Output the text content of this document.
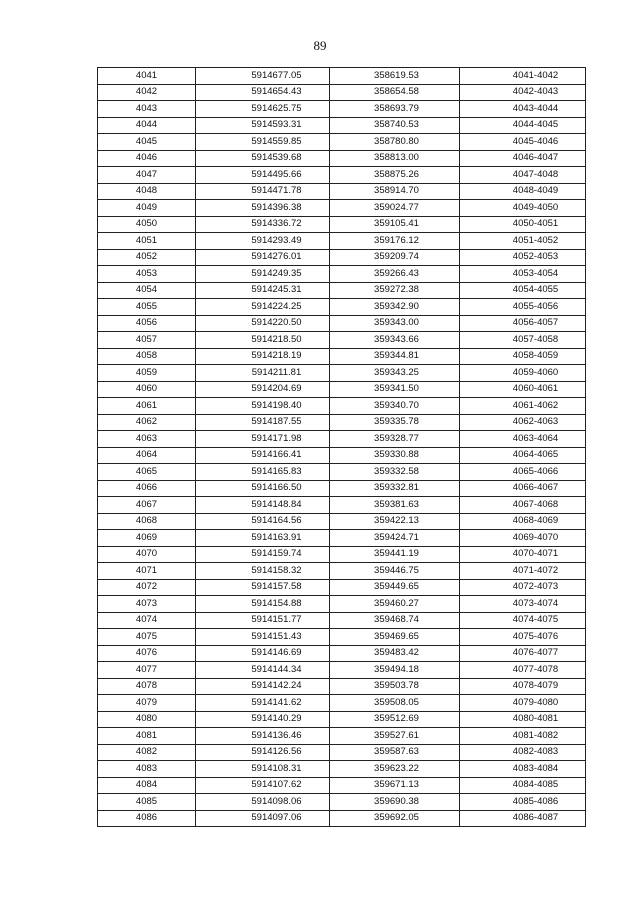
89
4041	5914677.05	358619.53	4041-4042
4042	5914654.43	358654.58	4042-4043
4043	5914625.75	358693.79	4043-4044
4044	5914593.31	358740.53	4044-4045
4045	5914559.85	358780.80	4045-4046
4046	5914539.68	358813.00	4046-4047
4047	5914495.66	358875.26	4047-4048
4048	5914471.78	358914.70	4048-4049
4049	5914396.38	359024.77	4049-4050
4050	5914336.72	359105.41	4050-4051
4051	5914293.49	359176.12	4051-4052
4052	5914276.01	359209.74	4052-4053
4053	5914249.35	359266.43	4053-4054
4054	5914245.31	359272.38	4054-4055
4055	5914224.25	359342.90	4055-4056
4056	5914220.50	359343.00	4056-4057
4057	5914218.50	359343.66	4057-4058
4058	5914218.19	359344.81	4058-4059
4059	5914211.81	359343.25	4059-4060
4060	5914204.69	359341.50	4060-4061
4061	5914198.40	359340.70	4061-4062
4062	5914187.55	359335.78	4062-4063
4063	5914171.98	359328.77	4063-4064
4064	5914166.41	359330.88	4064-4065
4065	5914165.83	359332.58	4065-4066
4066	5914166.50	359332.81	4066-4067
4067	5914148.84	359381.63	4067-4068
4068	5914164.56	359422.13	4068-4069
4069	5914163.91	359424.71	4069-4070
4070	5914159.74	359441.19	4070-4071
4071	5914158.32	359446.75	4071-4072
4072	5914157.58	359449.65	4072-4073
4073	5914154.88	359460.27	4073-4074
4074	5914151.77	359468.74	4074-4075
4075	5914151.43	359469.65	4075-4076
4076	5914146.69	359483.42	4076-4077
4077	5914144.34	359494.18	4077-4078
4078	5914142.24	359503.78	4078-4079
4079	5914141.62	359508.05	4079-4080
4080	5914140.29	359512.69	4080-4081
4081	5914136.46	359527.61	4081-4082
4082	5914126.56	359587.63	4082-4083
4083	5914108.31	359623.22	4083-4084
4084	5914107.62	359671.13	4084-4085
4085	5914098.06	359690.38	4085-4086
4086	5914097.06	359692.05	4086-4087
